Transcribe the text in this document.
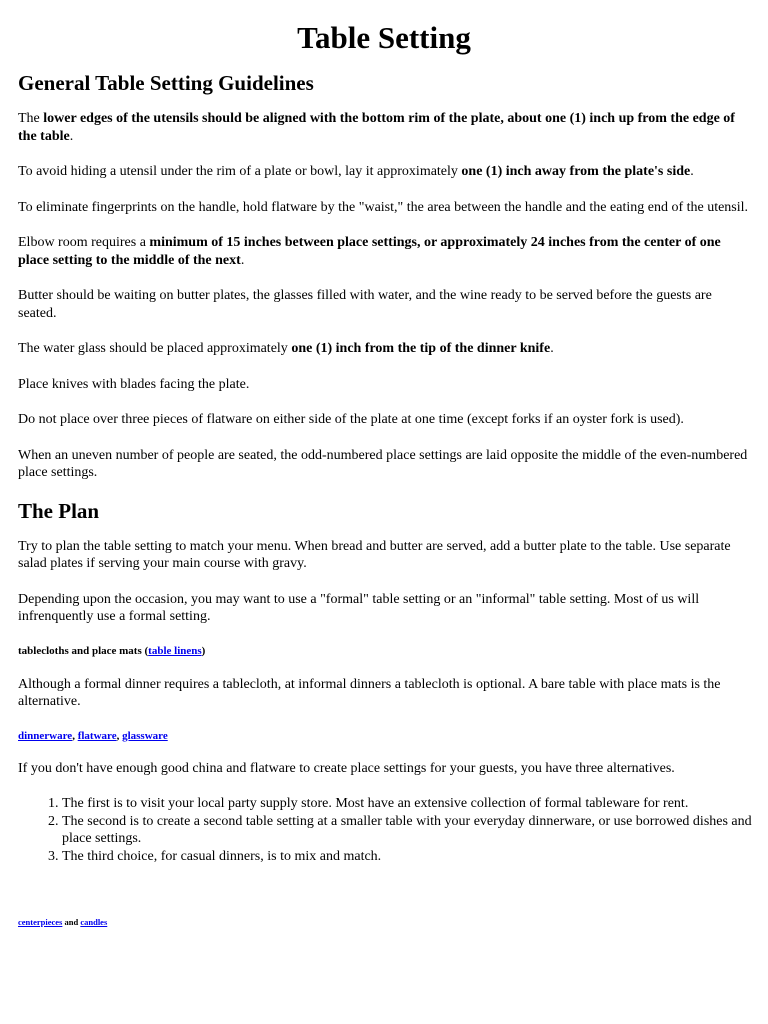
Table Setting
General Table Setting Guidelines

The lower edges of the utensils should be aligned with the bottom rim of the plate, about one (1) inch up from the edge of the table.

To avoid hiding a utensil under the rim of a plate or bowl, lay it approximately one (1) inch away from the plate's side.

To eliminate fingerprints on the handle, hold flatware by the "waist," the area between the handle and the eating end of the utensil.

Elbow room requires a minimum of 15 inches between place settings, or approximately 24 inches from the center of one place setting to the middle of the next.

Butter should be waiting on butter plates, the glasses filled with water, and the wine ready to be served before the guests are seated.

The water glass should be placed approximately one (1) inch from the tip of the dinner knife.

Place knives with blades facing the plate.

Do not place over three pieces of flatware on either side of the plate at one time (except forks if an oyster fork is used).

When an uneven number of people are seated, the odd-numbered place settings are laid opposite the middle of the even-numbered place settings.

The Plan

Try to plan the table setting to match your menu. When bread and butter are served, add a butter plate to the table. Use separate salad plates if serving your main course with gravy.

Depending upon the occasion, you may want to use a "formal" table setting or an "informal" table setting. Most of us will infrenquently use a formal setting.

tablecloths and place mats (table linens)

Although a formal dinner requires a tablecloth, at informal dinners a tablecloth is optional. A bare table with place mats is the alternative.

dinnerware, flatware, glassware

If you don't have enough good china and flatware to create place settings for your guests, you have three alternatives.

1. The first is to visit your local party supply store. Most have an extensive collection of formal tableware for rent.
2. The second is to create a second table setting at a smaller table with your everyday dinnerware, or use borrowed dishes and place settings.
3. The third choice, for casual dinners, is to mix and match.
centerpieces and candles
